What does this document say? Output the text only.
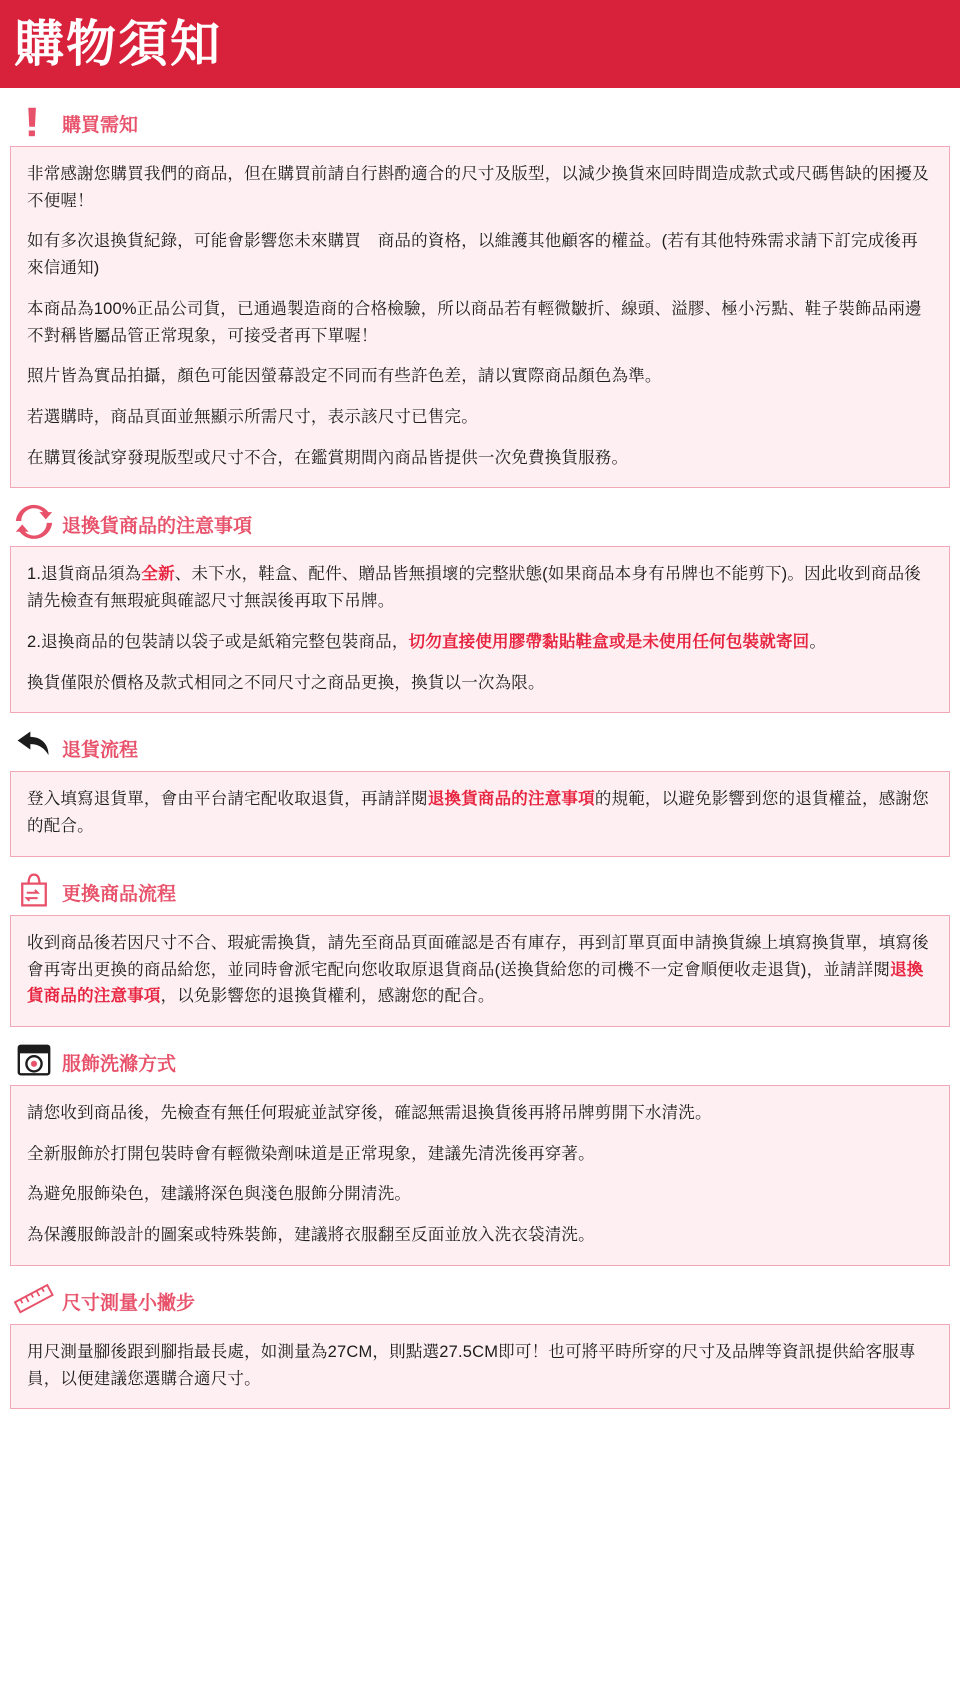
購物須知
購買需知

非常感謝您購買我們的商品，但在購買前請自行斟酌適合的尺寸及版型，以減少換貨來回時間造成款式或尺碼售缺的困擾及不便喔！

如有多次退換貨紀錄，可能會影響您未來購買　商品的資格，以維護其他顧客的權益。(若有其他特殊需求請下訂完成後再來信通知)

本商品為100%正品公司貨，已通過製造商的合格檢驗，所以商品若有輕微皺折、線頭、溢膠、極小污點、鞋子裝飾品兩邊不對稱皆屬品管正常現象，可接受者再下單喔！

照片皆為實品拍攝，顏色可能因螢幕設定不同而有些許色差，請以實際商品顏色為準。

若選購時，商品頁面並無顯示所需尺寸，表示該尺寸已售完。

在購買後試穿發現版型或尺寸不合，在鑑賞期間內商品皆提供一次免費換貨服務。

退換貨商品的注意事項

1.退貨商品須為全新、未下水，鞋盒、配件、贈品皆無損壞的完整狀態(如果商品本身有吊牌也不能剪下)。因此收到商品後請先檢查有無瑕疵與確認尺寸無誤後再取下吊牌。

2.退換商品的包裝請以袋子或是紙箱完整包裝商品，切勿直接使用膠帶黏貼鞋盒或是未使用任何包裝就寄回。

換貨僅限於價格及款式相同之不同尺寸之商品更換，換貨以一次為限。

退貨流程

登入填寫退貨單，會由平台請宅配收取退貨，再請詳閱退換貨商品的注意事項的規範，以避免影響到您的退貨權益，感謝您的配合。

更換商品流程

收到商品後若因尺寸不合、瑕疵需換貨，請先至商品頁面確認是否有庫存，再到訂單頁面申請換貨線上填寫換貨單，填寫後會再寄出更換的商品給您，並同時會派宅配向您收取原退貨商品(送換貨給您的司機不一定會順便收走退貨)，並請詳閱退換貨商品的注意事項，以免影響您的退換貨權利，感謝您的配合。

服飾洗滌方式

請您收到商品後，先檢查有無任何瑕疵並試穿後，確認無需退換貨後再將吊牌剪開下水清洗。

全新服飾於打開包裝時會有輕微染劑味道是正常現象，建議先清洗後再穿著。

為避免服飾染色，建議將深色與淺色服飾分開清洗。

為保護服飾設計的圖案或特殊裝飾，建議將衣服翻至反面並放入洗衣袋清洗。

尺寸測量小撇步

用尺測量腳後跟到腳指最長處，如測量為27CM，則點選27.5CM即可！也可將平時所穿的尺寸及品牌等資訊提供給客服專員，以便建議您選購合適尺寸。
